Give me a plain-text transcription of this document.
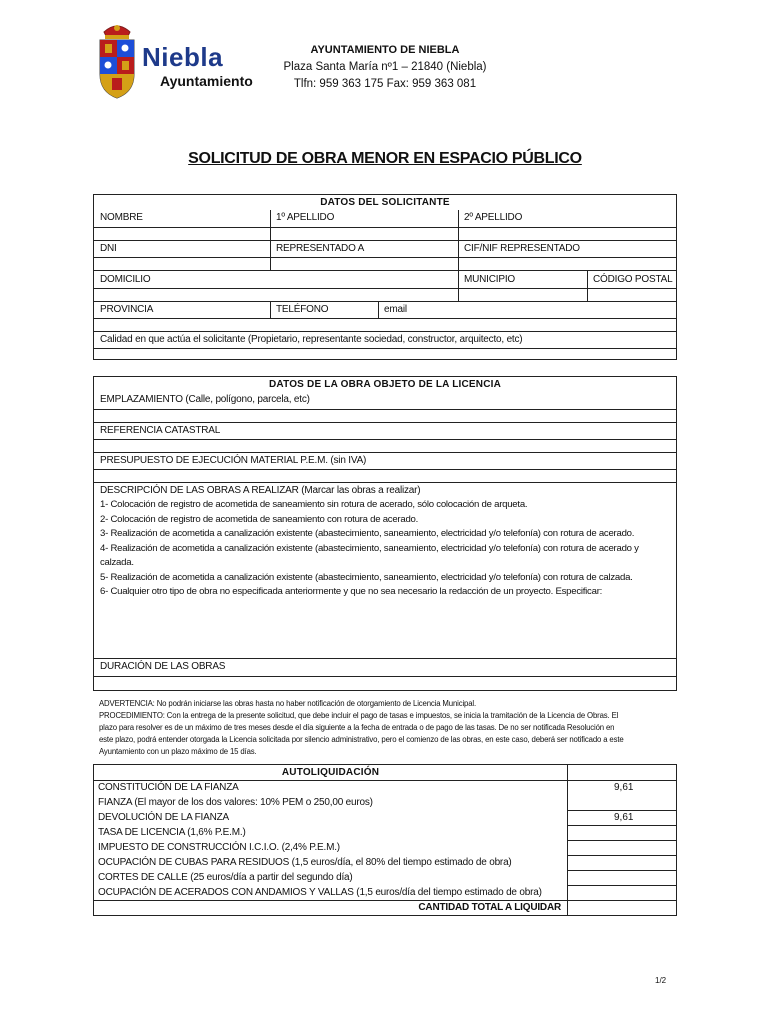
Niebla
Ayuntamiento
AYUNTAMIENTO DE NIEBLA
Plaza Santa María nº1 – 21840 (Niebla)
Tlfn: 959 363 175 Fax: 959 363 081
SOLICITUD DE OBRA MENOR EN ESPACIO PÚBLICO
DATOS DEL SOLICITANTE
NOMBRE	1º APELLIDO	2º APELLIDO
DNI	REPRESENTADO A	CIF/NIF REPRESENTADO
DOMICILIO	MUNICIPIO	CÓDIGO POSTAL
PROVINCIA	TELÉFONO	email
Calidad en que actúa el solicitante (Propietario, representante sociedad, constructor, arquitecto, etc)
DATOS DE LA OBRA OBJETO DE LA LICENCIA
EMPLAZAMIENTO (Calle, polígono, parcela, etc)
REFERENCIA CATASTRAL
PRESUPUESTO DE EJECUCIÓN MATERIAL P.E.M. (sin IVA)
DESCRIPCIÓN DE LAS OBRAS A REALIZAR (Marcar las obras a realizar)
1- Colocación de registro de acometida de saneamiento sin rotura de acerado, sólo colocación de arqueta.
2- Colocación de registro de acometida de saneamiento con rotura de acerado.
3- Realización de acometida a canalización existente (abastecimiento, saneamiento, electricidad y/o telefonía) con rotura de acerado.
4- Realización de acometida a canalización existente (abastecimiento, saneamiento, electricidad y/o telefonía) con rotura de acerado y
calzada.
5- Realización de acometida a canalización existente (abastecimiento, saneamiento, electricidad y/o telefonía) con rotura de calzada.
6- Cualquier otro tipo de obra no especificada anteriormente y que no sea necesario la redacción de un proyecto. Especificar:
DURACIÓN DE LAS OBRAS
ADVERTENCIA: No podrán iniciarse las obras hasta no haber notificación de otorgamiento de Licencia Municipal.
PROCEDIMIENTO: Con la entrega de la presente solicitud, que debe incluir el pago de tasas e impuestos, se inicia la tramitación de la Licencia de Obras. El
plazo para resolver es de un máximo de tres meses desde el día siguiente a la fecha de entrada o de pago de las tasas. De no ser notificada Resolución en
este plazo, podrá entender otorgada la Licencia solicitada por silencio administrativo, pero el comienzo de las obras, en este caso, deberá ser notificado a este
Ayuntamiento con un plazo máximo de 15 días.
AUTOLIQUIDACIÓN
CONSTITUCIÓN DE LA FIANZA	9,61
FIANZA (El mayor de los dos valores: 10% PEM o 250,00 euros)
DEVOLUCIÓN DE LA FIANZA	9,61
TASA DE LICENCIA (1,6% P.E.M.)
IMPUESTO DE CONSTRUCCIÓN I.C.I.O. (2,4% P.E.M.)
OCUPACIÓN DE CUBAS PARA RESIDUOS (1,5 euros/día, el 80% del tiempo estimado de obra)
CORTES DE CALLE (25 euros/día a partir del segundo día)
OCUPACIÓN DE ACERADOS CON ANDAMIOS Y VALLAS (1,5 euros/día del tiempo estimado de obra)
CANTIDAD TOTAL A LIQUIDAR
1/2
